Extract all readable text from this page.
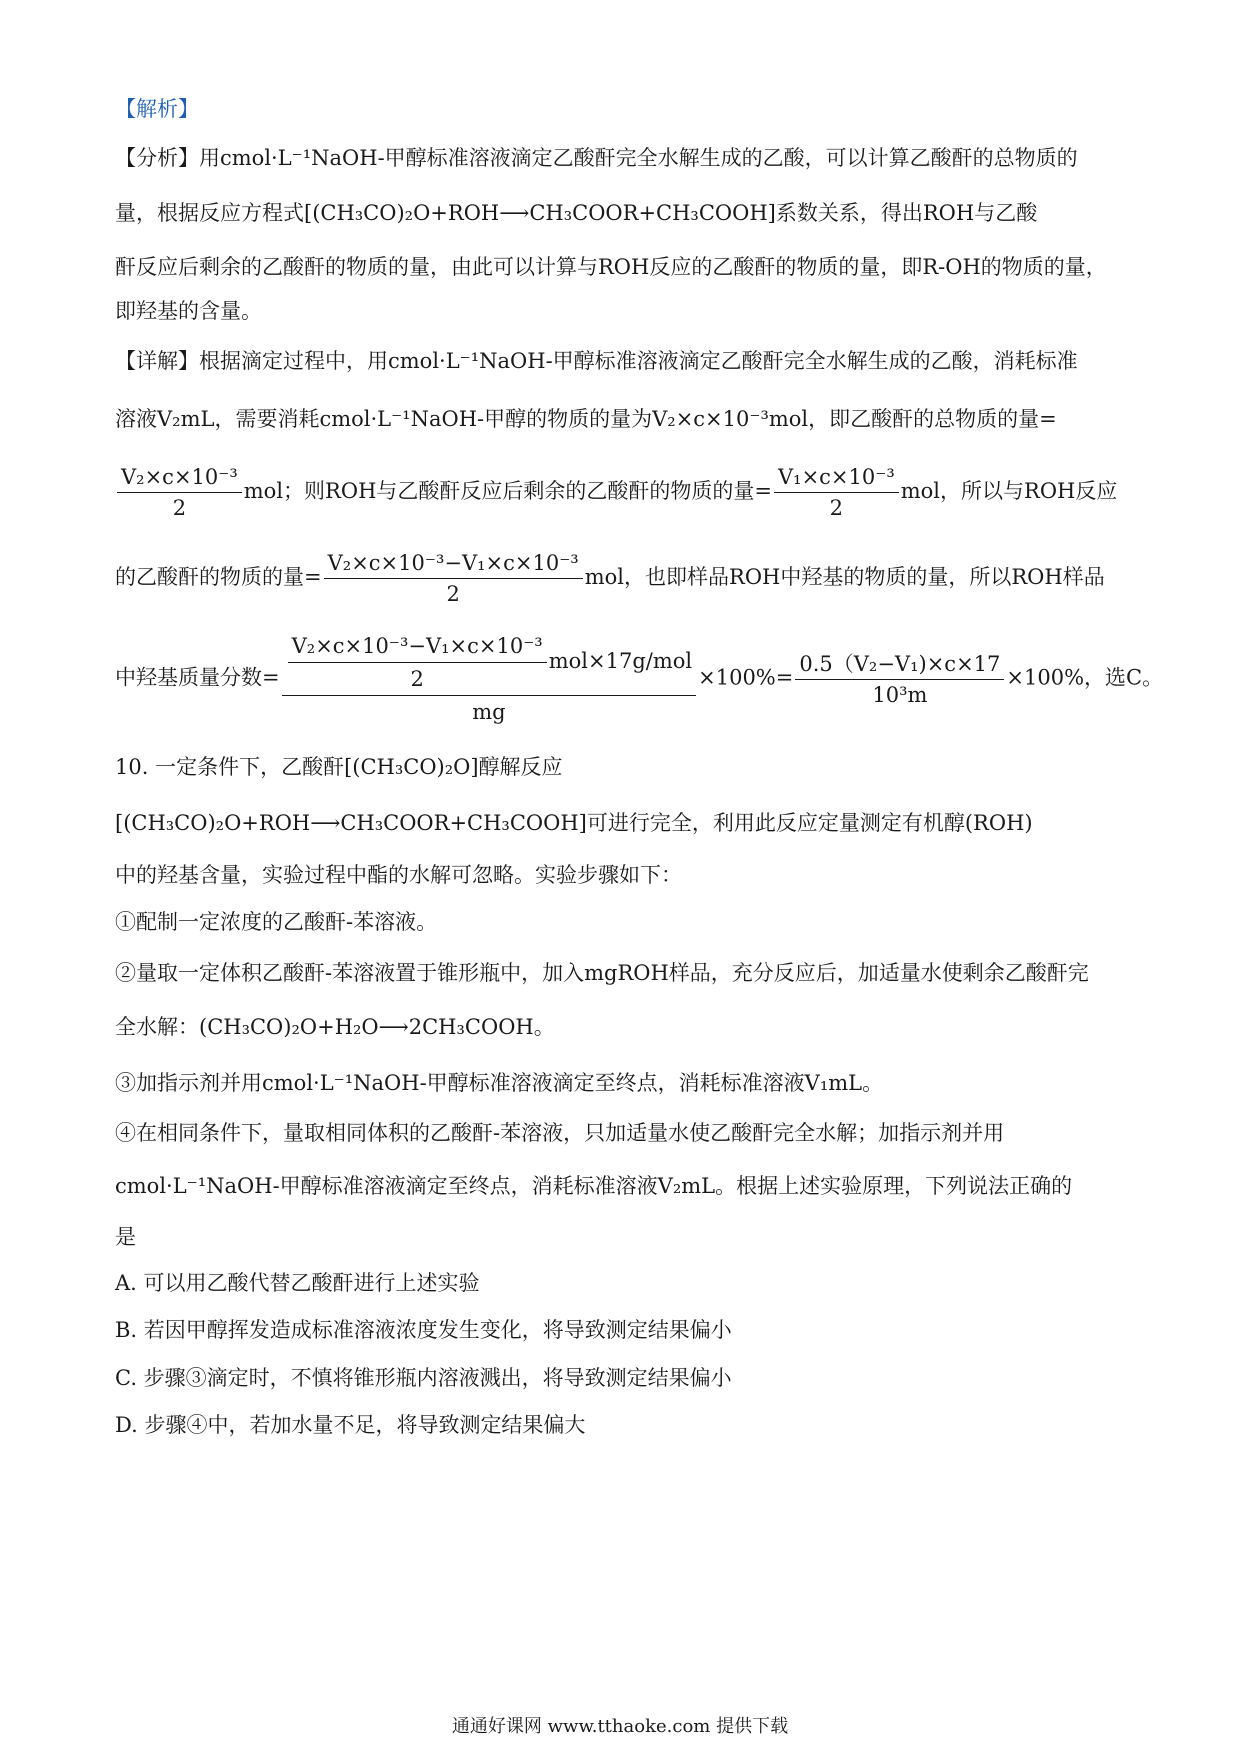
【解析】
【分析】用cmol·L⁻¹NaOH-甲醇标准溶液滴定乙酸酐完全水解生成的乙酸，可以计算乙酸酐的总物质的
量，根据反应方程式[(CH₃CO)₂O+ROH⟶CH₃COOR+CH₃COOH]系数关系，得出ROH与乙酸
酐反应后剩余的乙酸酐的物质的量，由此可以计算与ROH反应的乙酸酐的物质的量，即R-OH的物质的量，
即羟基的含量。
【详解】根据滴定过程中，用cmol·L⁻¹NaOH-甲醇标准溶液滴定乙酸酐完全水解生成的乙酸，消耗标准
溶液V₂mL，需要消耗cmol·L⁻¹NaOH-甲醇的物质的量为V₂×c×10⁻³mol，即乙酸酐的总物质的量=
$\frac{\text{V₂×c×10⁻³}}{2}$ mol；则ROH与乙酸酐反应后剩余的乙酸酐的物质的量= $\frac{\text{V₁×c×10⁻³}}{2}$ mol，所以与ROH反应
的乙酸酐的物质的量= $\frac{\text{V₂×c×10⁻³−V₁×c×10⁻³}}{2}$ mol，也即样品ROH中羟基的物质的量，所以ROH样品
中羟基质量分数= $\frac{\frac{\text{V₂×c×10⁻³−V₁×c×10⁻³}}{2} mol\times 17g/mol}{mg} \times 100\%= \frac{\text{0.5（V₂−V₁)×c×17}}{\text{10³m}} \times 100\%$，选C。
10. 一定条件下，乙酸酐[(CH₃CO)₂O]醇解反应
[(CH₃CO)₂O+ROH⟶CH₃COOR+CH₃COOH]可进行完全，利用此反应定量测定有机醇(ROH)
中的羟基含量，实验过程中酯的水解可忽略。实验步骤如下：
①配制一定浓度的乙酸酐-苯溶液。
②量取一定体积乙酸酐-苯溶液置于锥形瓶中，加入mgROH样品，充分反应后，加适量水使剩余乙酸酐完
全水解：(CH₃CO)₂O+H₂O⟶2CH₃COOH。
③加指示剂并用cmol·L⁻¹NaOH-甲醇标准溶液滴定至终点，消耗标准溶液V₁mL。
④在相同条件下，量取相同体积的乙酸酐-苯溶液，只加适量水使乙酸酐完全水解；加指示剂并用
cmol·L⁻¹NaOH-甲醇标准溶液滴定至终点，消耗标准溶液V₂mL。根据上述实验原理，下列说法正确的
是
A. 可以用乙酸代替乙酸酐进行上述实验
B. 若因甲醇挥发造成标准溶液浓度发生变化，将导致测定结果偏小
C. 步骤③滴定时，不慎将锥形瓶内溶液溅出，将导致测定结果偏小
D. 步骤④中，若加水量不足，将导致测定结果偏大
通通好课网 www.tthaoke.com 提供下载
